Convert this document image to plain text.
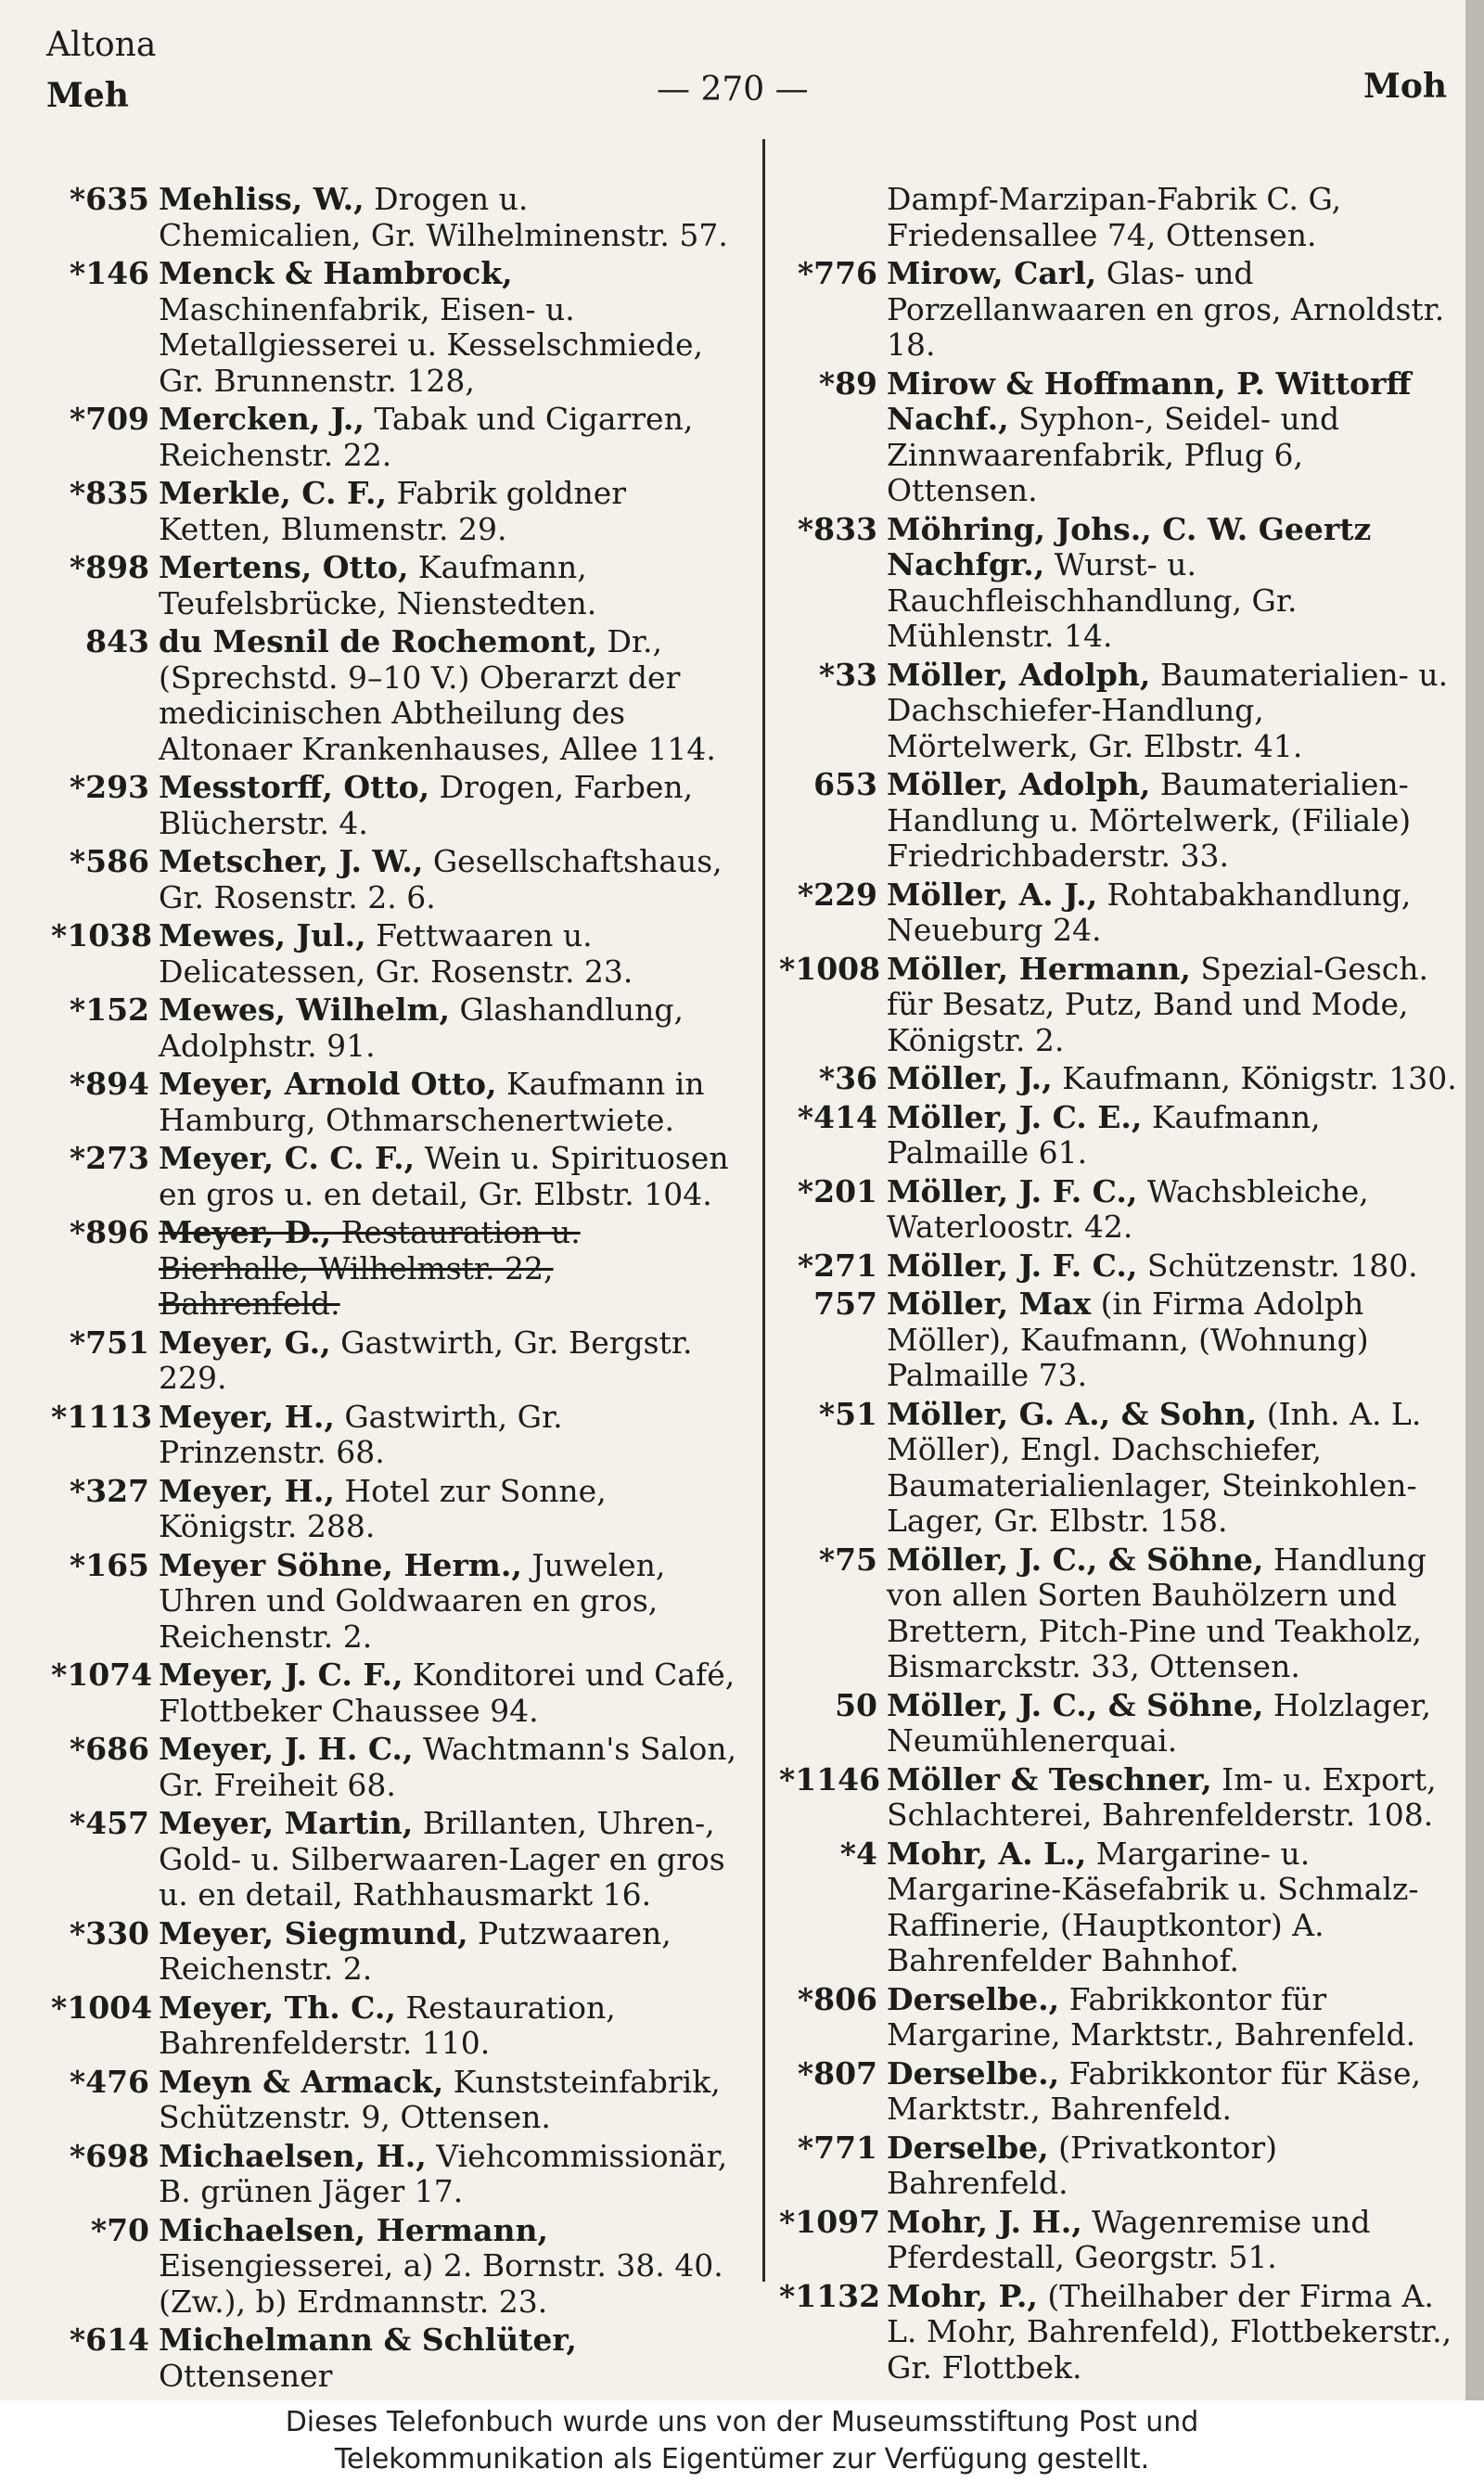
Altona
Meh	— 270 —	Moh
*635 Mehliss, W., Drogen u. Chemicalien, Gr. Wilhelminenstr. 57.
*146 Menck & Hambrock, Maschinenfabrik, Eisen- u. Metallgiesserei u. Kesselschmiede, Gr. Brunnenstr. 128,
*709 Mercken, J., Tabak und Cigarren, Reichenstr. 22.
*835 Merkle, C. F., Fabrik goldner Ketten, Blumenstr. 29.
*898 Mertens, Otto, Kaufmann, Teufelsbrücke, Nienstedten.
843 du Mesnil de Rochemont, Dr., (Sprechstd. 9–10 V.) Oberarzt der medicinischen Abtheilung des Altonaer Krankenhauses, Allee 114.
*293 Messtorff, Otto, Drogen, Farben, Blücherstr. 4.
*586 Metscher, J. W., Gesellschaftshaus, Gr. Rosenstr. 2. 6.
*1038 Mewes, Jul., Fettwaaren u. Delicatessen, Gr. Rosenstr. 23.
*152 Mewes, Wilhelm, Glashandlung, Adolphstr. 91.
*894 Meyer, Arnold Otto, Kaufmann in Hamburg, Othmarschenertwiete.
*273 Meyer, C. C. F., Wein u. Spirituosen en gros u. en detail, Gr. Elbstr. 104.
*896 Meyer, D., Restauration u. Bierhalle, Wilhelmstr. 22, Bahrenfeld.
*751 Meyer, G., Gastwirth, Gr. Bergstr. 229.
*1113 Meyer, H., Gastwirth, Gr. Prinzenstr. 68.
*327 Meyer, H., Hotel zur Sonne, Königstr. 288.
*165 Meyer Söhne, Herm., Juwelen, Uhren und Goldwaaren en gros, Reichenstr. 2.
*1074 Meyer, J. C. F., Konditorei und Café, Flottbeker Chaussee 94.
*686 Meyer, J. H. C., Wachtmann's Salon, Gr. Freiheit 68.
*457 Meyer, Martin, Brillanten, Uhren-, Gold- u. Silberwaaren-Lager en gros u. en detail, Rathhausmarkt 16.
*330 Meyer, Siegmund, Putzwaaren, Reichenstr. 2.
*1004 Meyer, Th. C., Restauration, Bahrenfelderstr. 110.
*476 Meyn & Armack, Kunststeinfabrik, Schützenstr. 9, Ottensen.
*698 Michaelsen, H., Viehcommissionär, B. grünen Jäger 17.
*70 Michaelsen, Hermann, Eisengiesserei, a) 2. Bornstr. 38. 40. (Zw.), b) Erdmannstr. 23.
*614 Michelmann & Schlüter, Ottensener
Dampf-Marzipan-Fabrik C. G, Friedensallee 74, Ottensen.
*776 Mirow, Carl, Glas- und Porzellanwaaren en gros, Arnoldstr. 18.
*89 Mirow & Hoffmann, P. Wittorff Nachf., Syphon-, Seidel- und Zinnwaarenfabrik, Pflug 6, Ottensen.
*833 Möhring, Johs., C. W. Geertz Nachfgr., Wurst- u. Rauchfleischhandlung, Gr. Mühlenstr. 14.
*33 Möller, Adolph, Baumaterialien- u. Dachschiefer-Handlung, Mörtelwerk, Gr. Elbstr. 41.
653 Möller, Adolph, Baumaterialien-Handlung u. Mörtelwerk, (Filiale) Friedrichbaderstr. 33.
*229 Möller, A. J., Rohtabakhandlung, Neueburg 24.
*1008 Möller, Hermann, Spezial-Gesch. für Besatz, Putz, Band und Mode, Königstr. 2.
*36 Möller, J., Kaufmann, Königstr. 130.
*414 Möller, J. C. E., Kaufmann, Palmaille 61.
*201 Möller, J. F. C., Wachsbleiche, Waterloostr. 42.
*271 Möller, J. F. C., Schützenstr. 180.
757 Möller, Max (in Firma Adolph Möller), Kaufmann, (Wohnung) Palmaille 73.
*51 Möller, G. A., & Sohn, (Inh. A. L. Möller), Engl. Dachschiefer, Baumaterialienlager, Steinkohlen-Lager, Gr. Elbstr. 158.
*75 Möller, J. C., & Söhne, Handlung von allen Sorten Bauhölzern und Brettern, Pitch-Pine und Teakholz, Bismarckstr. 33, Ottensen.
50 Möller, J. C., & Söhne, Holzlager, Neumühlenerquai.
*1146 Möller & Teschner, Im- u. Export, Schlachterei, Bahrenfelderstr. 108.
*4 Mohr, A. L., Margarine- u. Margarine-Käsefabrik u. Schmalz-Raffinerie, (Hauptkontor) A. Bahrenfelder Bahnhof.
*806 Derselbe., Fabrikkontor für Margarine, Marktstr., Bahrenfeld.
*807 Derselbe., Fabrikkontor für Käse, Marktstr., Bahrenfeld.
*771 Derselbe, (Privatkontor) Bahrenfeld.
*1097 Mohr, J. H., Wagenremise und Pferdestall, Georgstr. 51.
*1132 Mohr, P., (Theilhaber der Firma A. L. Mohr, Bahrenfeld), Flottbekerstr., Gr. Flottbek.
Dieses Telefonbuch wurde uns von der Museumsstiftung Post und
Telekommunikation als Eigentümer zur Verfügung gestellt.
